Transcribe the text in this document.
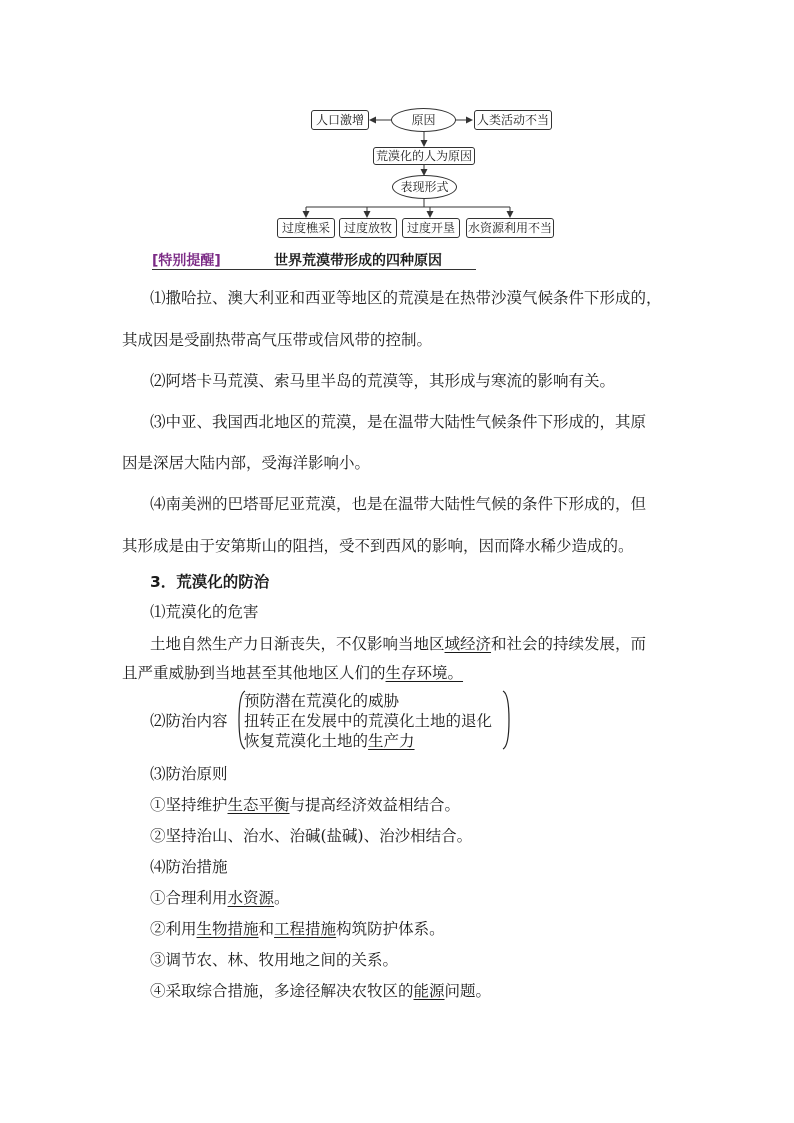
人口激增	原因	人类活动不当
荒漠化的人为原因
表现形式
过度樵采	过度放牧	过度开垦	水资源利用不当
[特别提醒]	世界荒漠带形成的四种原因
⑴撒哈拉、澳大利亚和西亚等地区的荒漠是在热带沙漠气候条件下形成的，
其成因是受副热带高气压带或信风带的控制。
⑵阿塔卡马荒漠、索马里半岛的荒漠等，其形成与寒流的影响有关。
⑶中亚、我国西北地区的荒漠，是在温带大陆性气候条件下形成的，其原
因是深居大陆内部，受海洋影响小。
⑷南美洲的巴塔哥尼亚荒漠，也是在温带大陆性气候的条件下形成的，但
其形成是由于安第斯山的阻挡，受不到西风的影响，因而降水稀少造成的。
3．荒漠化的防治
⑴荒漠化的危害
土地自然生产力日渐丧失，不仅影响当地区域经济和社会的持续发展，而
且严重威胁到当地甚至其他地区人们的生存环境。
⑵防治内容
预防潜在荒漠化的威胁
扭转正在发展中的荒漠化土地的退化
恢复荒漠化土地的生产力
⑶防治原则
①坚持维护生态平衡与提高经济效益相结合。
②坚持治山、治水、治碱(盐碱)、治沙相结合。
⑷防治措施
①合理利用水资源。
②利用生物措施和工程措施构筑防护体系。
③调节农、林、牧用地之间的关系。
④采取综合措施，多途径解决农牧区的能源问题。
